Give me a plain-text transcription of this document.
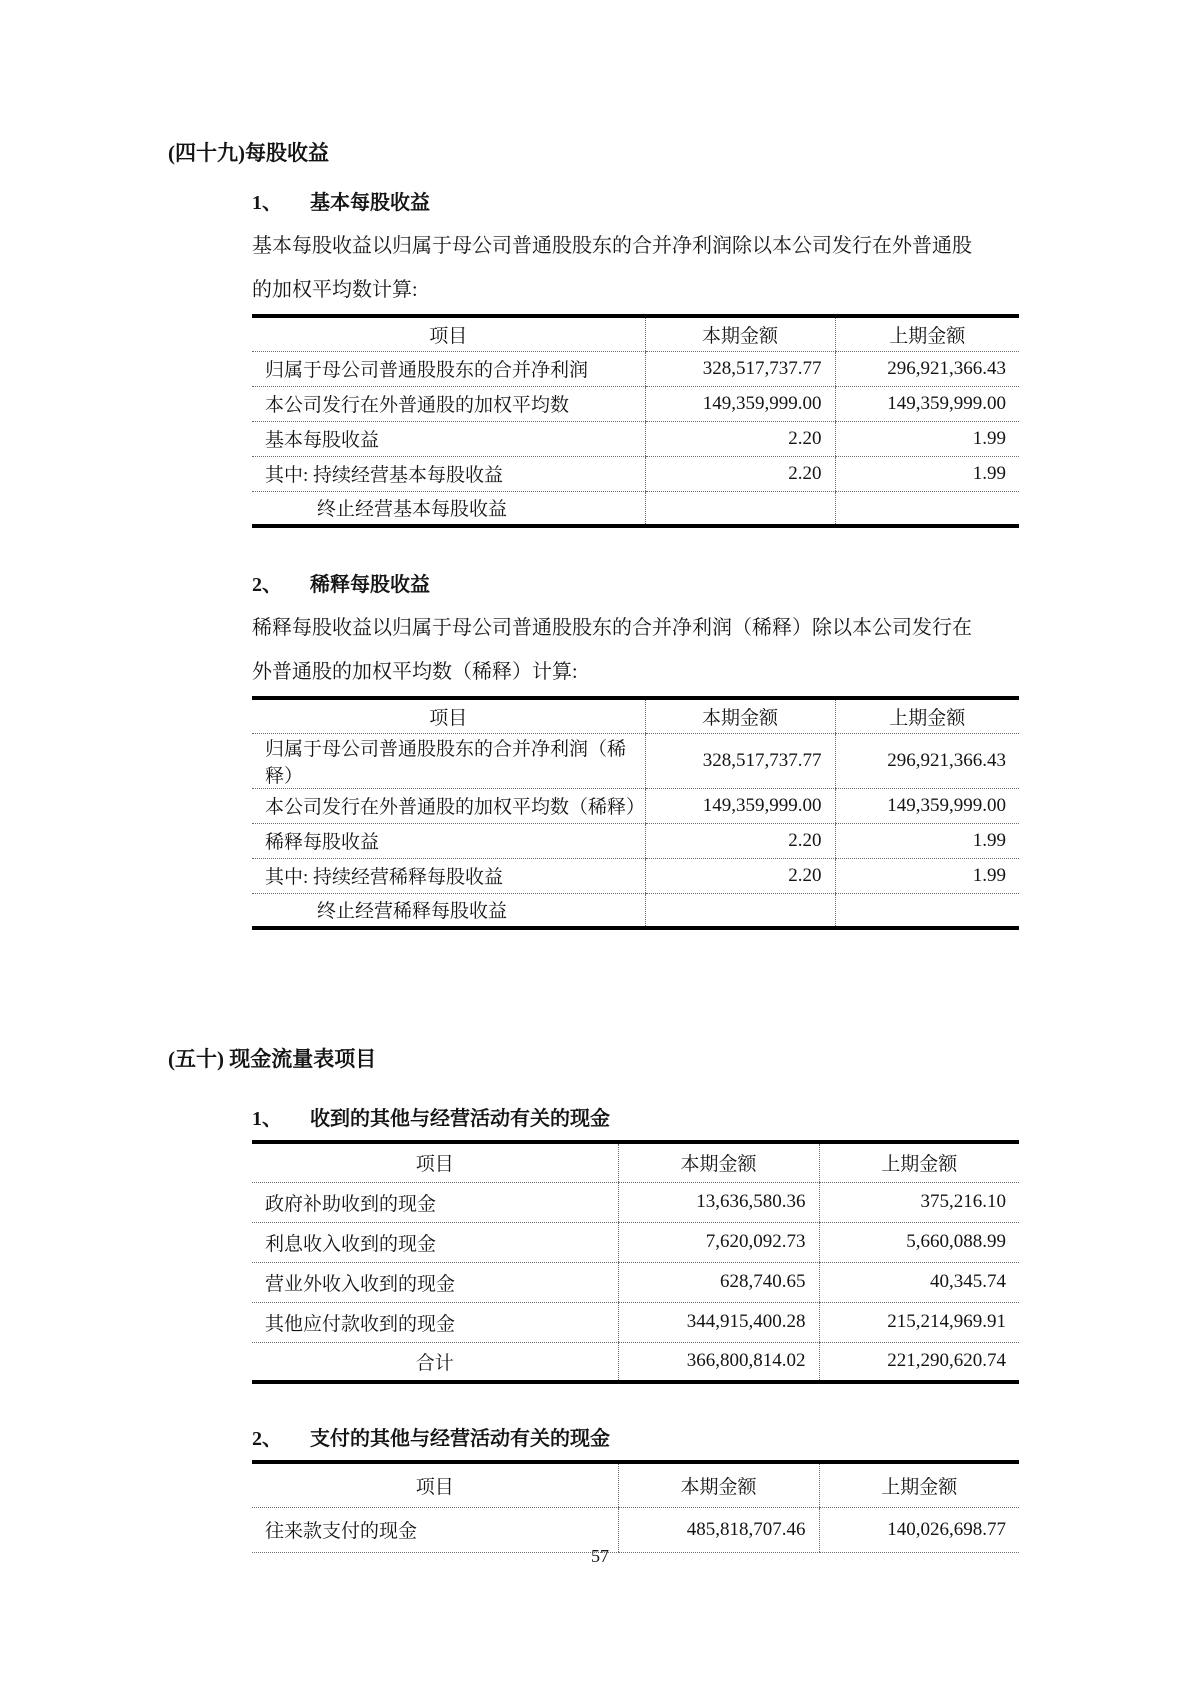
(四十九)每股收益
1、	基本每股收益
基本每股收益以归属于母公司普通股股东的合并净利润除以本公司发行在外普通股
的加权平均数计算:
项目	本期金额	上期金额
归属于母公司普通股股东的合并净利润	328,517,737.77	296,921,366.43
本公司发行在外普通股的加权平均数	149,359,999.00	149,359,999.00
基本每股收益	2.20	1.99
其中: 持续经营基本每股收益	2.20	1.99
终止经营基本每股收益		
2、	稀释每股收益
稀释每股收益以归属于母公司普通股股东的合并净利润（稀释）除以本公司发行在
外普通股的加权平均数（稀释）计算:
项目	本期金额	上期金额
归属于母公司普通股股东的合并净利润（稀释）	328,517,737.77	296,921,366.43
本公司发行在外普通股的加权平均数（稀释）	149,359,999.00	149,359,999.00
稀释每股收益	2.20	1.99
其中: 持续经营稀释每股收益	2.20	1.99
终止经营稀释每股收益		
(五十) 现金流量表项目
1、	收到的其他与经营活动有关的现金
项目	本期金额	上期金额
政府补助收到的现金	13,636,580.36	375,216.10
利息收入收到的现金	7,620,092.73	5,660,088.99
营业外收入收到的现金	628,740.65	40,345.74
其他应付款收到的现金	344,915,400.28	215,214,969.91
合计	366,800,814.02	221,290,620.74
2、	支付的其他与经营活动有关的现金
项目	本期金额	上期金额
往来款支付的现金	485,818,707.46	140,026,698.77
57
